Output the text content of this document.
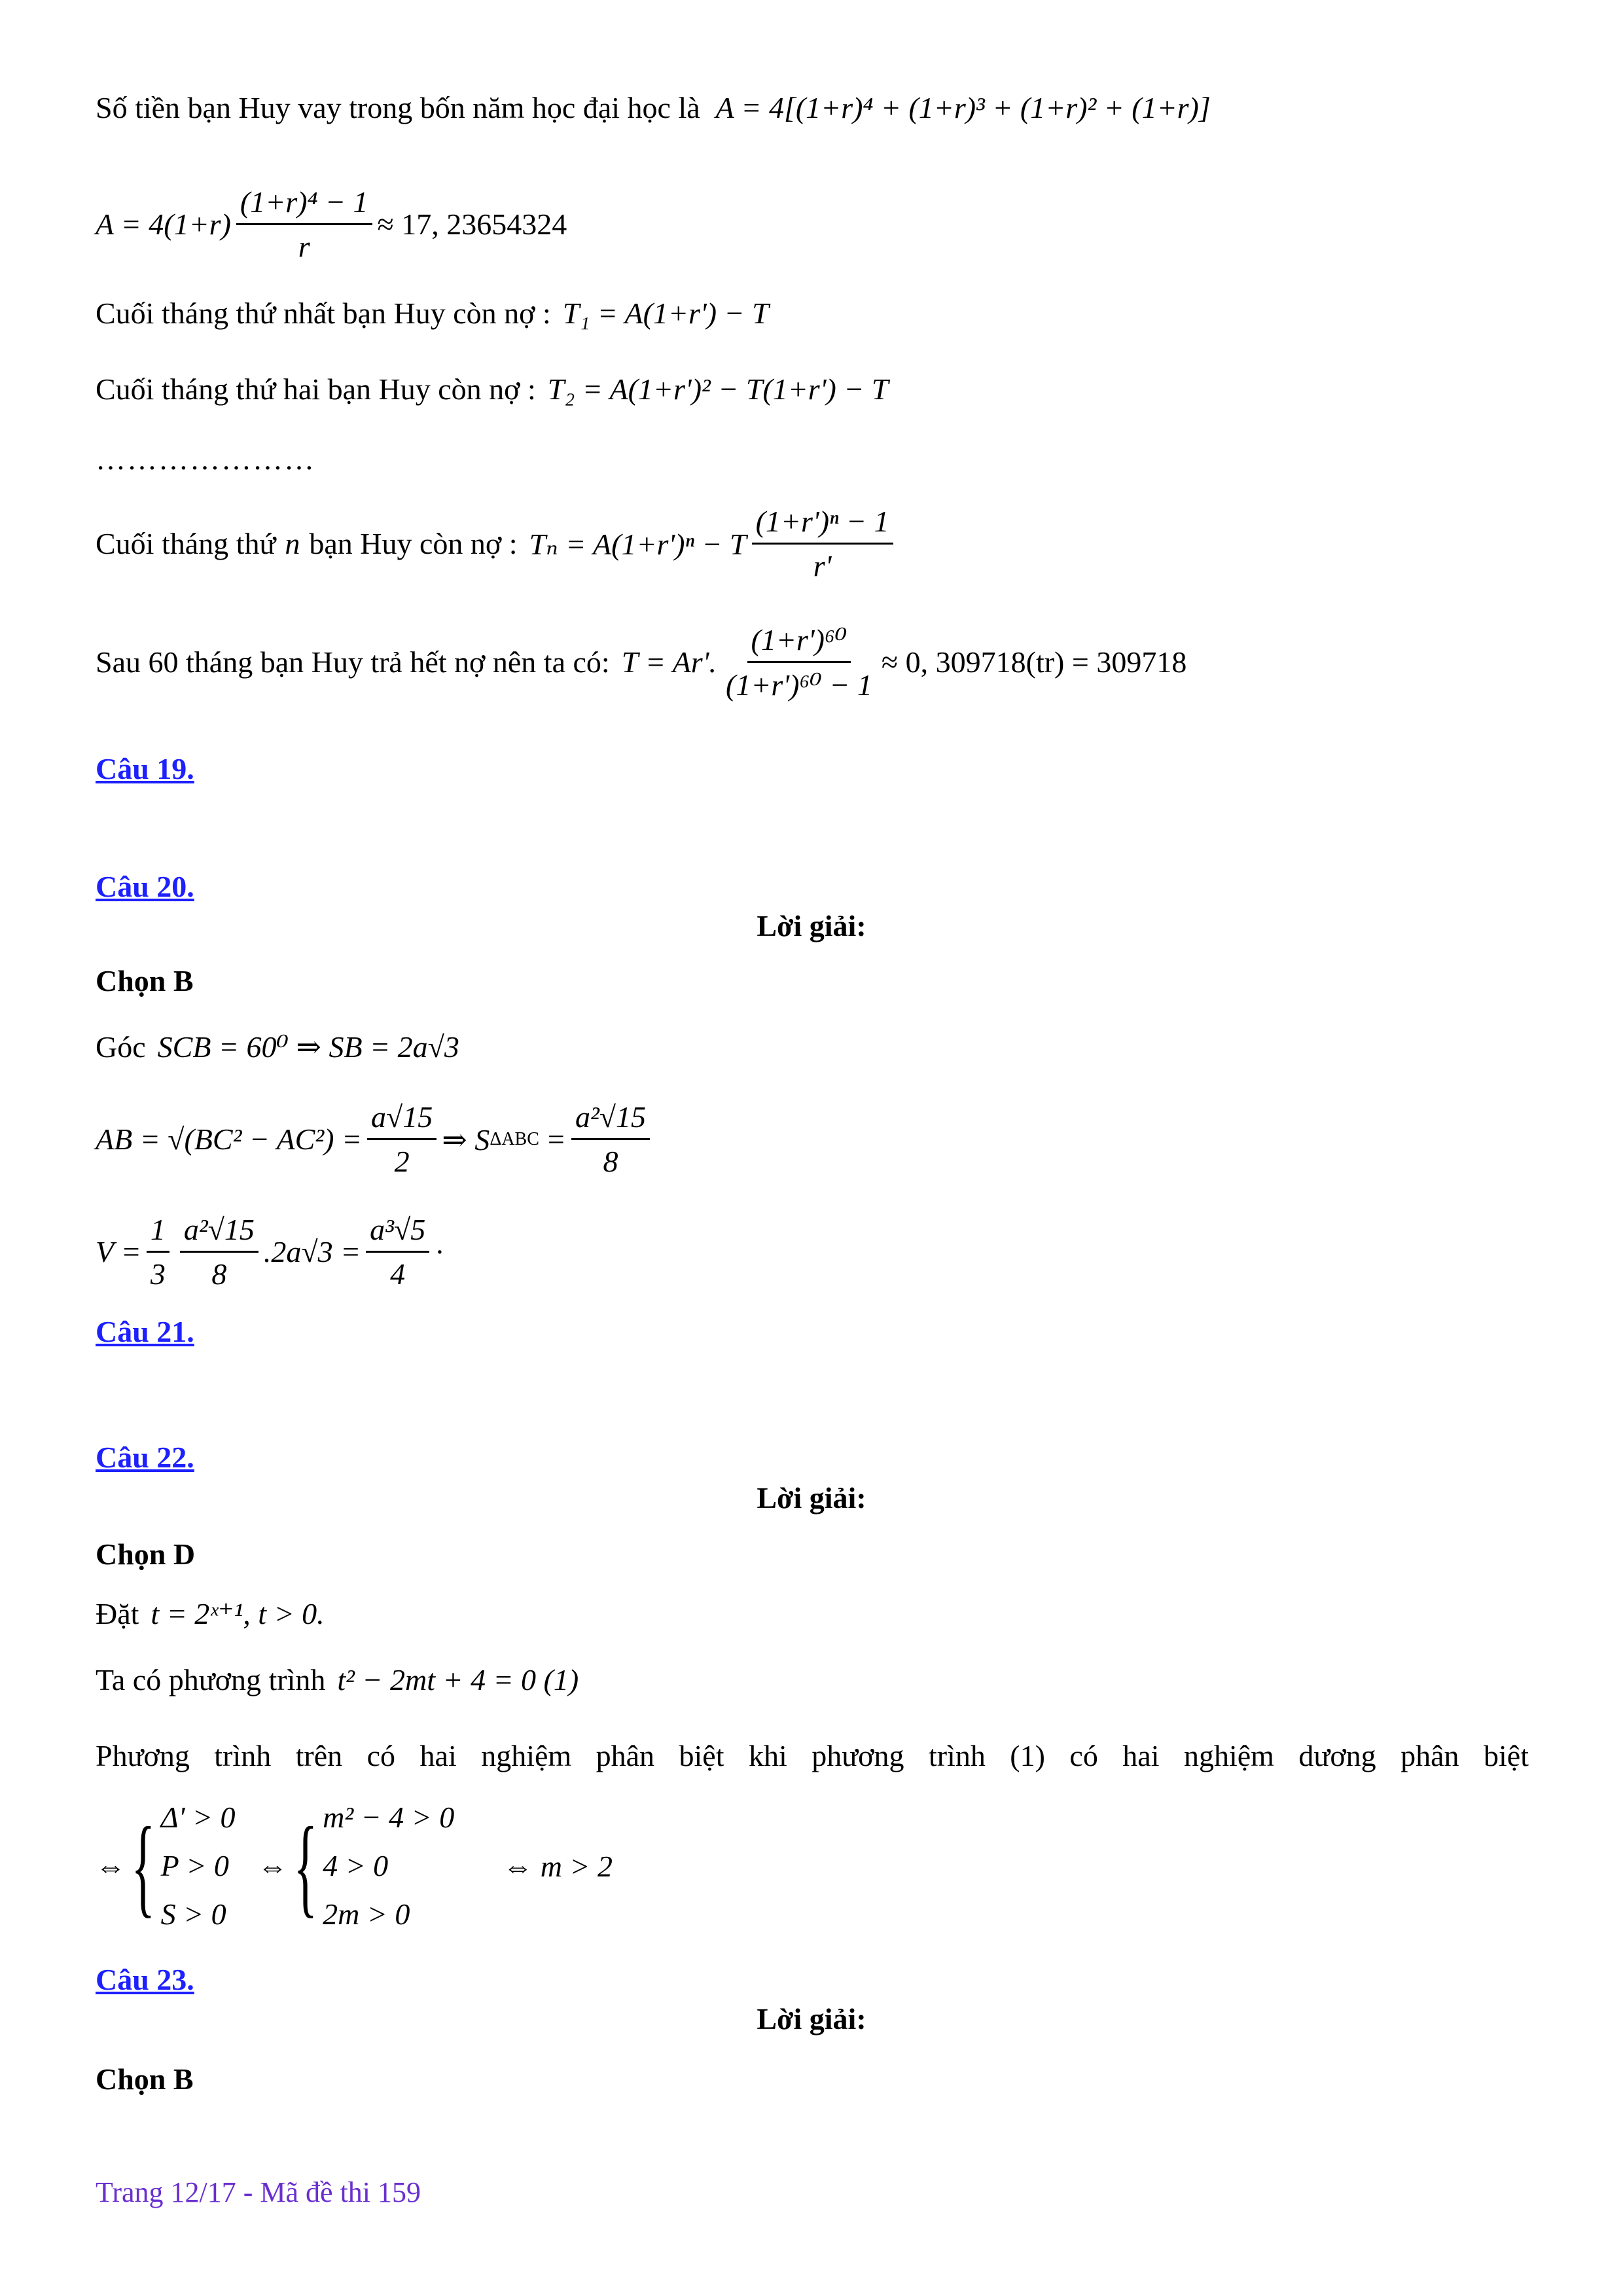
Số tiền bạn Huy vay trong bốn năm học đại học là A = 4[(1+r)⁴ + (1+r)³ + (1+r)² + (1+r)]
$A = 4(1+r) \frac{\text{(1+r)⁴ − 1}}{r} \approx 17$, 23654324
Cuối tháng thứ nhất bạn Huy còn nợ : T₁ = A(1+r') − T
Cuối tháng thứ hai bạn Huy còn nợ : T₂ = A(1+r')² − T(1+r') − T
…………………
Cuối tháng thứ n bạn Huy còn nợ : Tₙ = A(1+r')ⁿ − T $\frac{\text{(1+r')ⁿ − 1}}{r'}$
Sau 60 tháng bạn Huy trả hết nợ nên ta có: T = Ar'. $\frac{\text{(1+r')⁶⁰}}{\text{(1+r')⁶⁰ − 1}} \approx 0$, 309718(tr) = 309718
Câu 19.
Câu 20.
Lời giải:
Chọn B
Góc SCB = 60⁰ ⇒ SB = 2a√3
AB = $√(BC^2 - AC^2) = \frac{a√15}{2}$ ⇒ S $\Delta ABC = \frac{\text{a²√15}}{8}$
$V = \frac{1}{3} \frac{\text{a²√15}}{8} .2a√3 = \frac{\text{a³√5}}{4}$ ·
Câu 21.
Câu 22.
Lời giải:
Chọn D
Đặt t = 2ˣ⁺¹, t > 0.
Ta có phương trình t² − 2mt + 4 = 0 (1)
Phương trình trên có hai nghiệm phân biệt khi phương trình (1) có hai nghiệm dương phân biệt
⇔ { Δ' > 0
P > 0
S > 0
⇔ { m² − 4 > 0
4 > 0
2m > 0
⇔ m > 2
Câu 23.
Lời giải:
Chọn B
Trang 12/17 - Mã đề thi 159
